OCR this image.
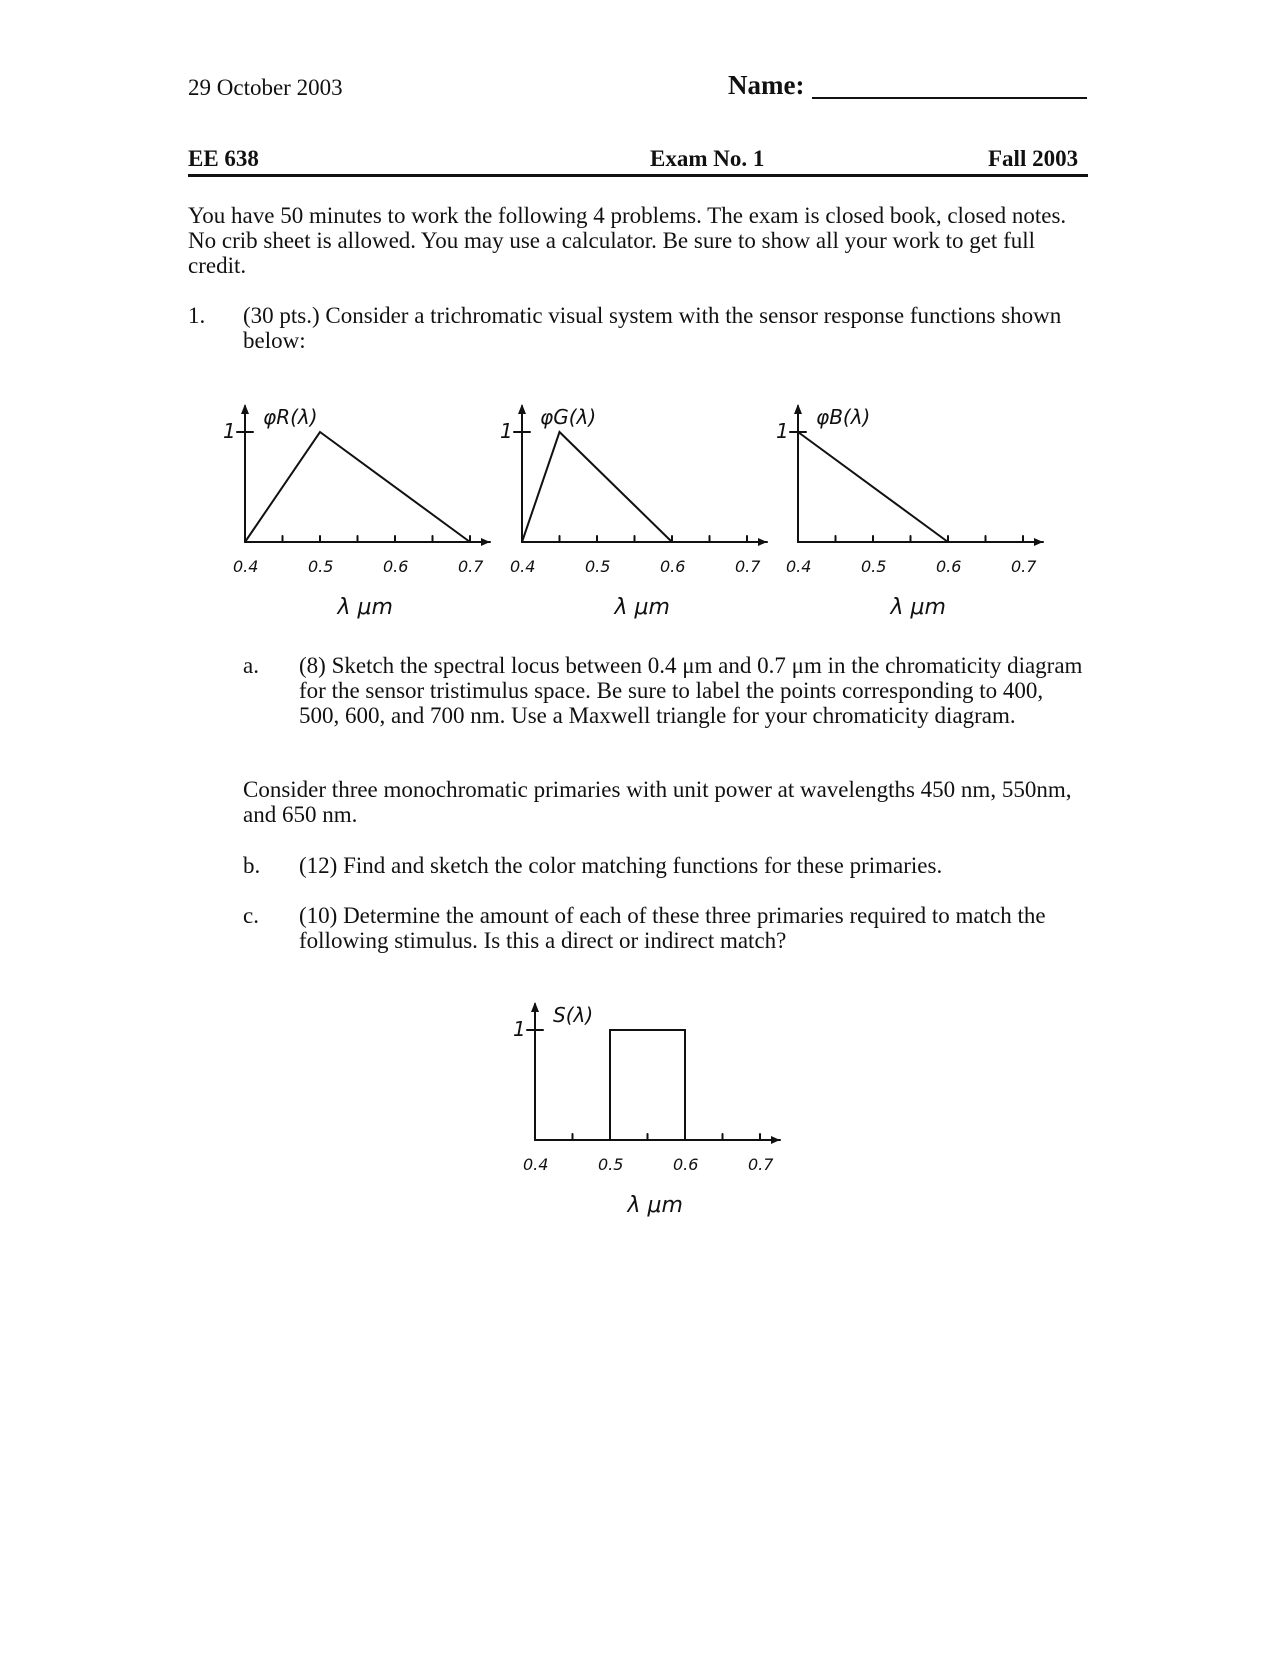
29 October 2003	Name:
EE 638	Exam No. 1	Fall 2003
You have 50 minutes to work the following 4 problems. The exam is closed book, closed notes. No crib sheet is allowed. You may use a calculator. Be sure to show all your work to get full credit.
1. (30 pts.) Consider a trichromatic visual system with the sensor response functions shown below:
1
0.4	0.5	0.6	0.7
φR(λ)
λ μm
1
0.4	0.5	0.6	0.7
φG(λ)
λ μm
1
0.4	0.5	0.6	0.7
φB(λ)
λ μm
a. (8) Sketch the spectral locus between 0.4 μm and 0.7 μm in the chromaticity diagram for the sensor tristimulus space. Be sure to label the points corresponding to 400, 500, 600, and 700 nm. Use a Maxwell triangle for your chromaticity diagram.
Consider three monochromatic primaries with unit power at wavelengths 450 nm, 550nm, and 650 nm.
b. (12) Find and sketch the color matching functions for these primaries.
c. (10) Determine the amount of each of these three primaries required to match the following stimulus. Is this a direct or indirect match?
1
0.4	0.5	0.6	0.7
S(λ)
λ μm
